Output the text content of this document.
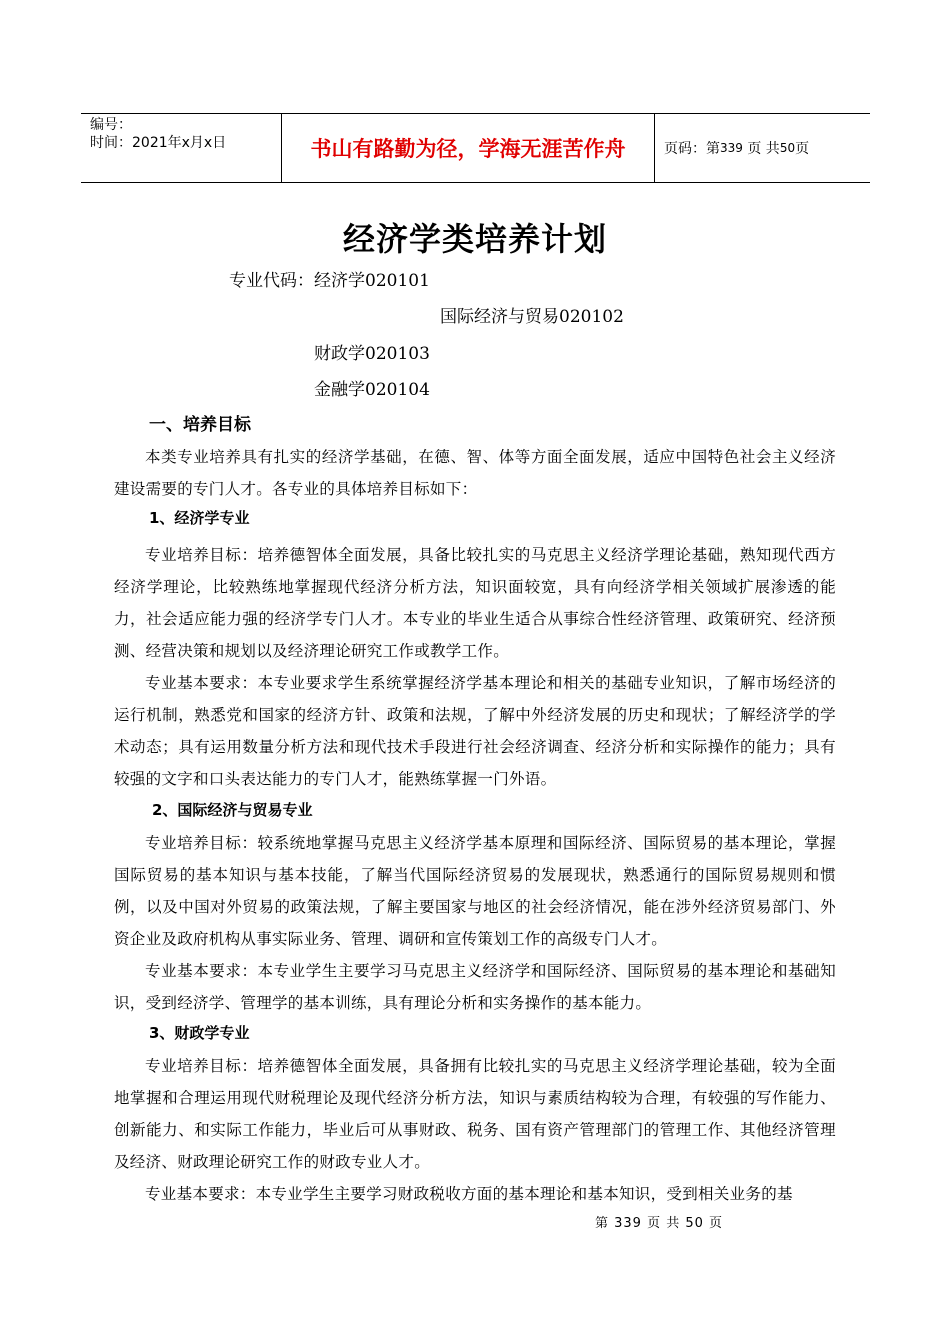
编号：
时间：2021年x月x日	书山有路勤为径，学海无涯苦作舟	页码：第 339
页 共 50 页
经济学类培养计划
专业代码：经济学020101
国际经济与贸易020102
财政学020103
金融学020104
一、培养目标
本类专业培养具有扎实的经济学基础，在德、智、体等方面全面发展，适应中国特色社会主义经济建设需要的专门人才。各专业的具体培养目标如下：
1、经济学专业
专业培养目标：培养德智体全面发展，具备比较扎实的马克思主义经济学理论基础，熟知现代西方经济学理论，比较熟练地掌握现代经济分析方法，知识面较宽，具有向经济学相关领域扩展渗透的能力，社会适应能力强的经济学专门人才。本专业的毕业生适合从事综合性经济管理、政策研究、经济预测、经营决策和规划以及经济理论研究工作或教学工作。
专业基本要求：本专业要求学生系统掌握经济学基本理论和相关的基础专业知识，了解市场经济的运行机制，熟悉党和国家的经济方针、政策和法规，了解中外经济发展的历史和现状；了解经济学的学术动态；具有运用数量分析方法和现代技术手段进行社会经济调查、经济分析和实际操作的能力；具有较强的文字和口头表达能力的专门人才，能熟练掌握一门外语。
2、国际经济与贸易专业
专业培养目标：较系统地掌握马克思主义经济学基本原理和国际经济、国际贸易的基本理论，掌握国际贸易的基本知识与基本技能，了解当代国际经济贸易的发展现状，熟悉通行的国际贸易规则和惯例，以及中国对外贸易的政策法规，了解主要国家与地区的社会经济情况，能在涉外经济贸易部门、外资企业及政府机构从事实际业务、管理、调研和宣传策划工作的高级专门人才。
专业基本要求：本专业学生主要学习马克思主义经济学和国际经济、国际贸易的基本理论和基础知识，受到经济学、管理学的基本训练，具有理论分析和实务操作的基本能力。
3、财政学专业
专业培养目标：培养德智体全面发展，具备拥有比较扎实的马克思主义经济学理论基础，较为全面地掌握和合理运用现代财税理论及现代经济分析方法，知识与素质结构较为合理，有较强的写作能力、创新能力、和实际工作能力，毕业后可从事财政、税务、国有资产管理部门的管理工作、其他经济管理及经济、财政理论研究工作的财政专业人才。
专业基本要求：本专业学生主要学习财政税收方面的基本理论和基本知识，受到相关业务的基
第 339 页 共 50 页
